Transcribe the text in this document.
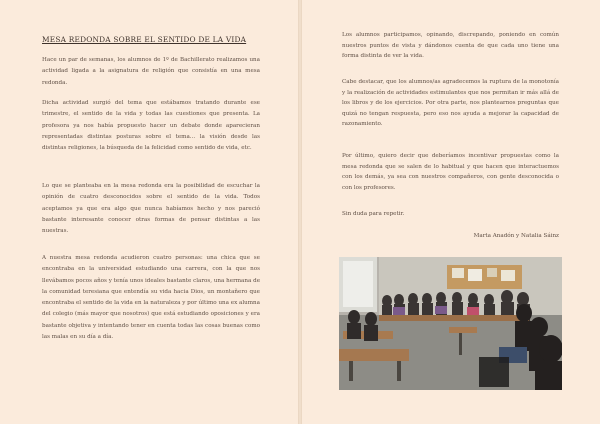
MESA REDONDA SOBRE EL SENTIDO DE LA VIDA

Hace un par de semanas, los alumnos de 1º de Bachillerato realizamos una actividad ligada a la asignatura de religión que consistía en una mesa redonda.

Dicha actividad surgió del tema que estábamos tratando durante ese trimestre, el sentido de la vida y todas las cuestiones que presenta. La profesora ya nos había propuesto hacer un debate donde aparecieran representadas distintas posturas sobre el tema... la visión desde las distintas religiones, la búsqueda de la felicidad como sentido de vida, etc.

Lo que se planteaba en la mesa redonda era la posibilidad de escuchar la opinión de cuatro desconocidos sobre el sentido de la vida. Todos aceptamos ya que era algo que nunca habíamos hecho y nos pareció bastante interesante conocer otras formas de pensar distintas a las nuestras.

A nuestra mesa redonda acudieron cuatro personas: una chica que se encontraba en la universidad estudiando una carrera, con la que nos llevábamos pocos años y tenía unos ideales bastante claros, una hermana de la comunidad teresiana que entendía su vida hacia Dios, un montañero que encontraba el sentido de la vida en la naturaleza y por último una ex alumna del colegio (más mayor que nosotros) que está estudiando oposiciones y era bastante objetiva y intentando tener en cuenta todas las cosas buenas como las malas en su día a día.

Los alumnos participamos, opinando, discrepando, poniendo en común nuestros puntos de vista y dándonos cuenta de que cada uno tiene una forma distinta de ver la vida.

Cabe destacar, que los alumnos/as agradecemos la ruptura de la monotonía y la realización de actividades estimulantes que nos permitan ir más allá de los libros y de los ejercicios. Por otra parte, nos plantearnos preguntas que quizá no tengan respuesta, pero eso nos ayuda a mejorar la capacidad de razonamiento.

Por último, quiero decir que deberíamos incentivar propuestas como la mesa redonda que se salen de lo habitual y que hacen que interactuemos con los demás, ya sea con nuestros compañeros, con gente desconocida o con los profesores.

Sin duda para repetir.

Marta Anadón y Natalia Sáinz
